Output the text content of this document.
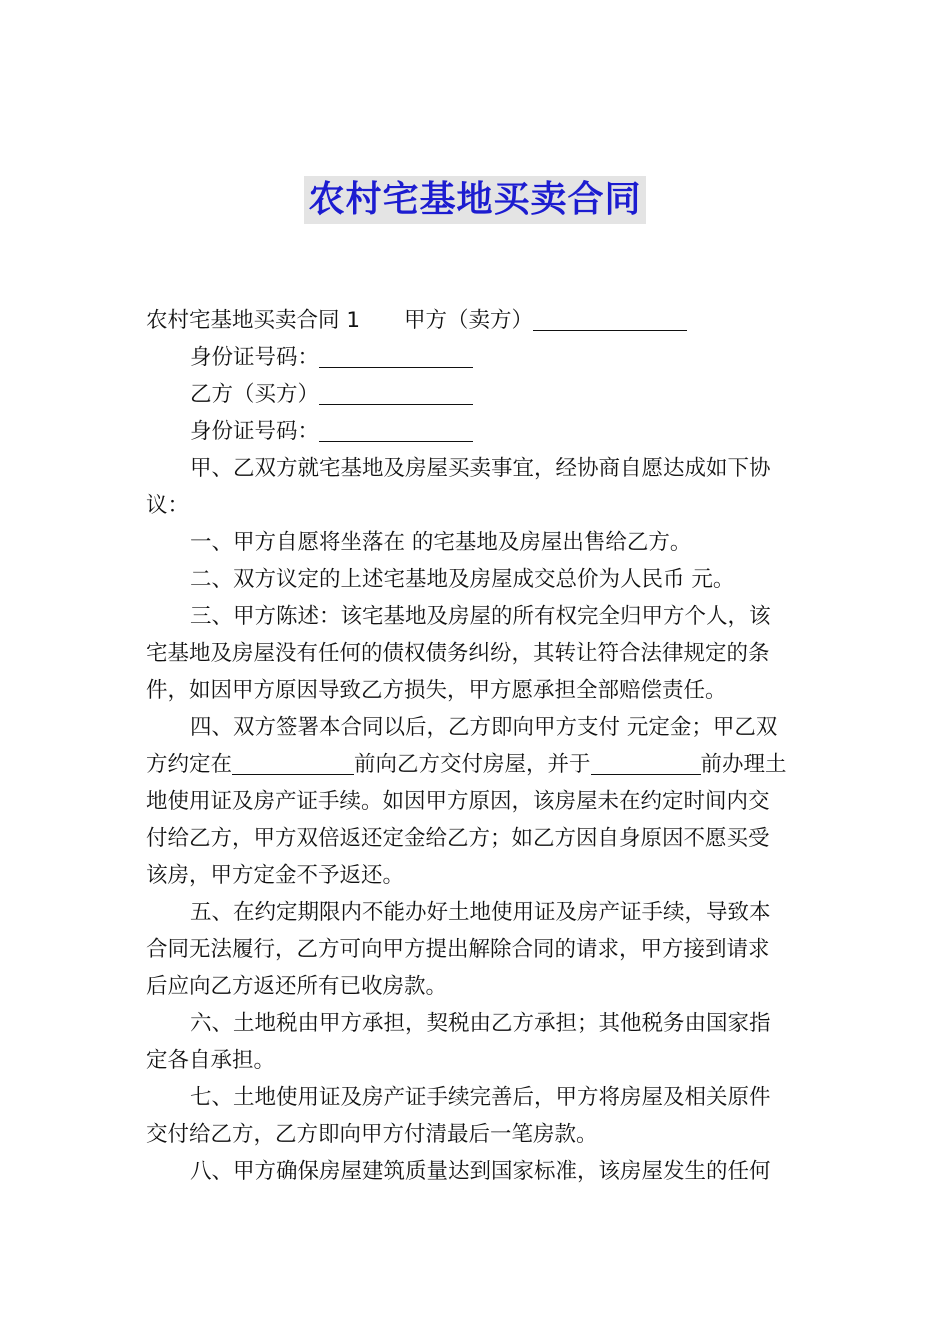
农村宅基地买卖合同

农村宅基地买卖合同 1 甲方（卖方）

身份证号码：

乙方（买方）

身份证号码：

甲、乙双方就宅基地及房屋买卖事宜，经协商自愿达成如下协

议：

一、甲方自愿将坐落在 的宅基地及房屋出售给乙方。

二、双方议定的上述宅基地及房屋成交总价为人民币 元。

三、甲方陈述：该宅基地及房屋的所有权完全归甲方个人，该

宅基地及房屋没有任何的债权债务纠纷，其转让符合法律规定的条

件，如因甲方原因导致乙方损失，甲方愿承担全部赔偿责任。

四、双方签署本合同以后，乙方即向甲方支付 元定金；甲乙双

方约定在	前向乙方交付房屋，并于	前办理土

地使用证及房产证手续。如因甲方原因，该房屋未在约定时间内交

付给乙方，甲方双倍返还定金给乙方；如乙方因自身原因不愿买受

该房，甲方定金不予返还。

五、在约定期限内不能办好土地使用证及房产证手续，导致本

合同无法履行，乙方可向甲方提出解除合同的请求，甲方接到请求

后应向乙方返还所有已收房款。

六、土地税由甲方承担，契税由乙方承担；其他税务由国家指

定各自承担。

七、土地使用证及房产证手续完善后，甲方将房屋及相关原件

交付给乙方，乙方即向甲方付清最后一笔房款。

八、甲方确保房屋建筑质量达到国家标准，该房屋发生的任何
